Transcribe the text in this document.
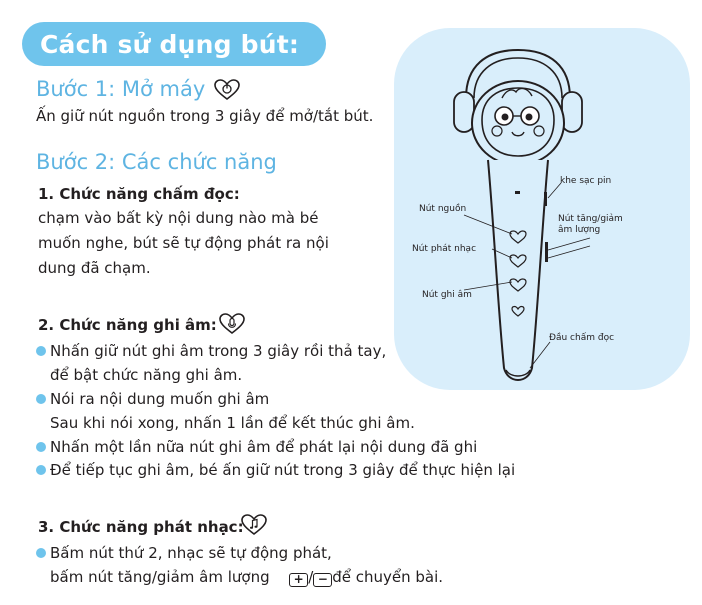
Cách sử dụng bút:
Bước 1: Mở máy
Ấn giữ nút nguồn trong 3 giây để mở/tắt bút.
Bước 2: Các chức năng
1. Chức năng chấm đọc:
chạm vào bất kỳ nội dung nào mà bé
muốn nghe, bút sẽ tự động phát ra nội
dung đã chạm.
2. Chức năng ghi âm:
Nhấn giữ nút ghi âm trong 3 giây rồi thả tay,
để bật chức năng ghi âm.
Nói ra nội dung muốn ghi âm
Sau khi nói xong, nhấn 1 lần để kết thúc ghi âm.
Nhấn một lần nữa nút ghi âm để phát lại nội dung đã ghi
Để tiếp tục ghi âm, bé ấn giữ nút trong 3 giây để thực hiện lại
3. Chức năng phát nhạc:
Bấm nút thứ 2, nhạc sẽ tự động phát,
bấm nút tăng/giảm âm lượng + / − để chuyển bài.
khe sạc pin
Nút nguồn
Nút tăng/giảm
âm lượng
Nút phát nhạc
Nút ghi âm
Đầu chấm đọc
